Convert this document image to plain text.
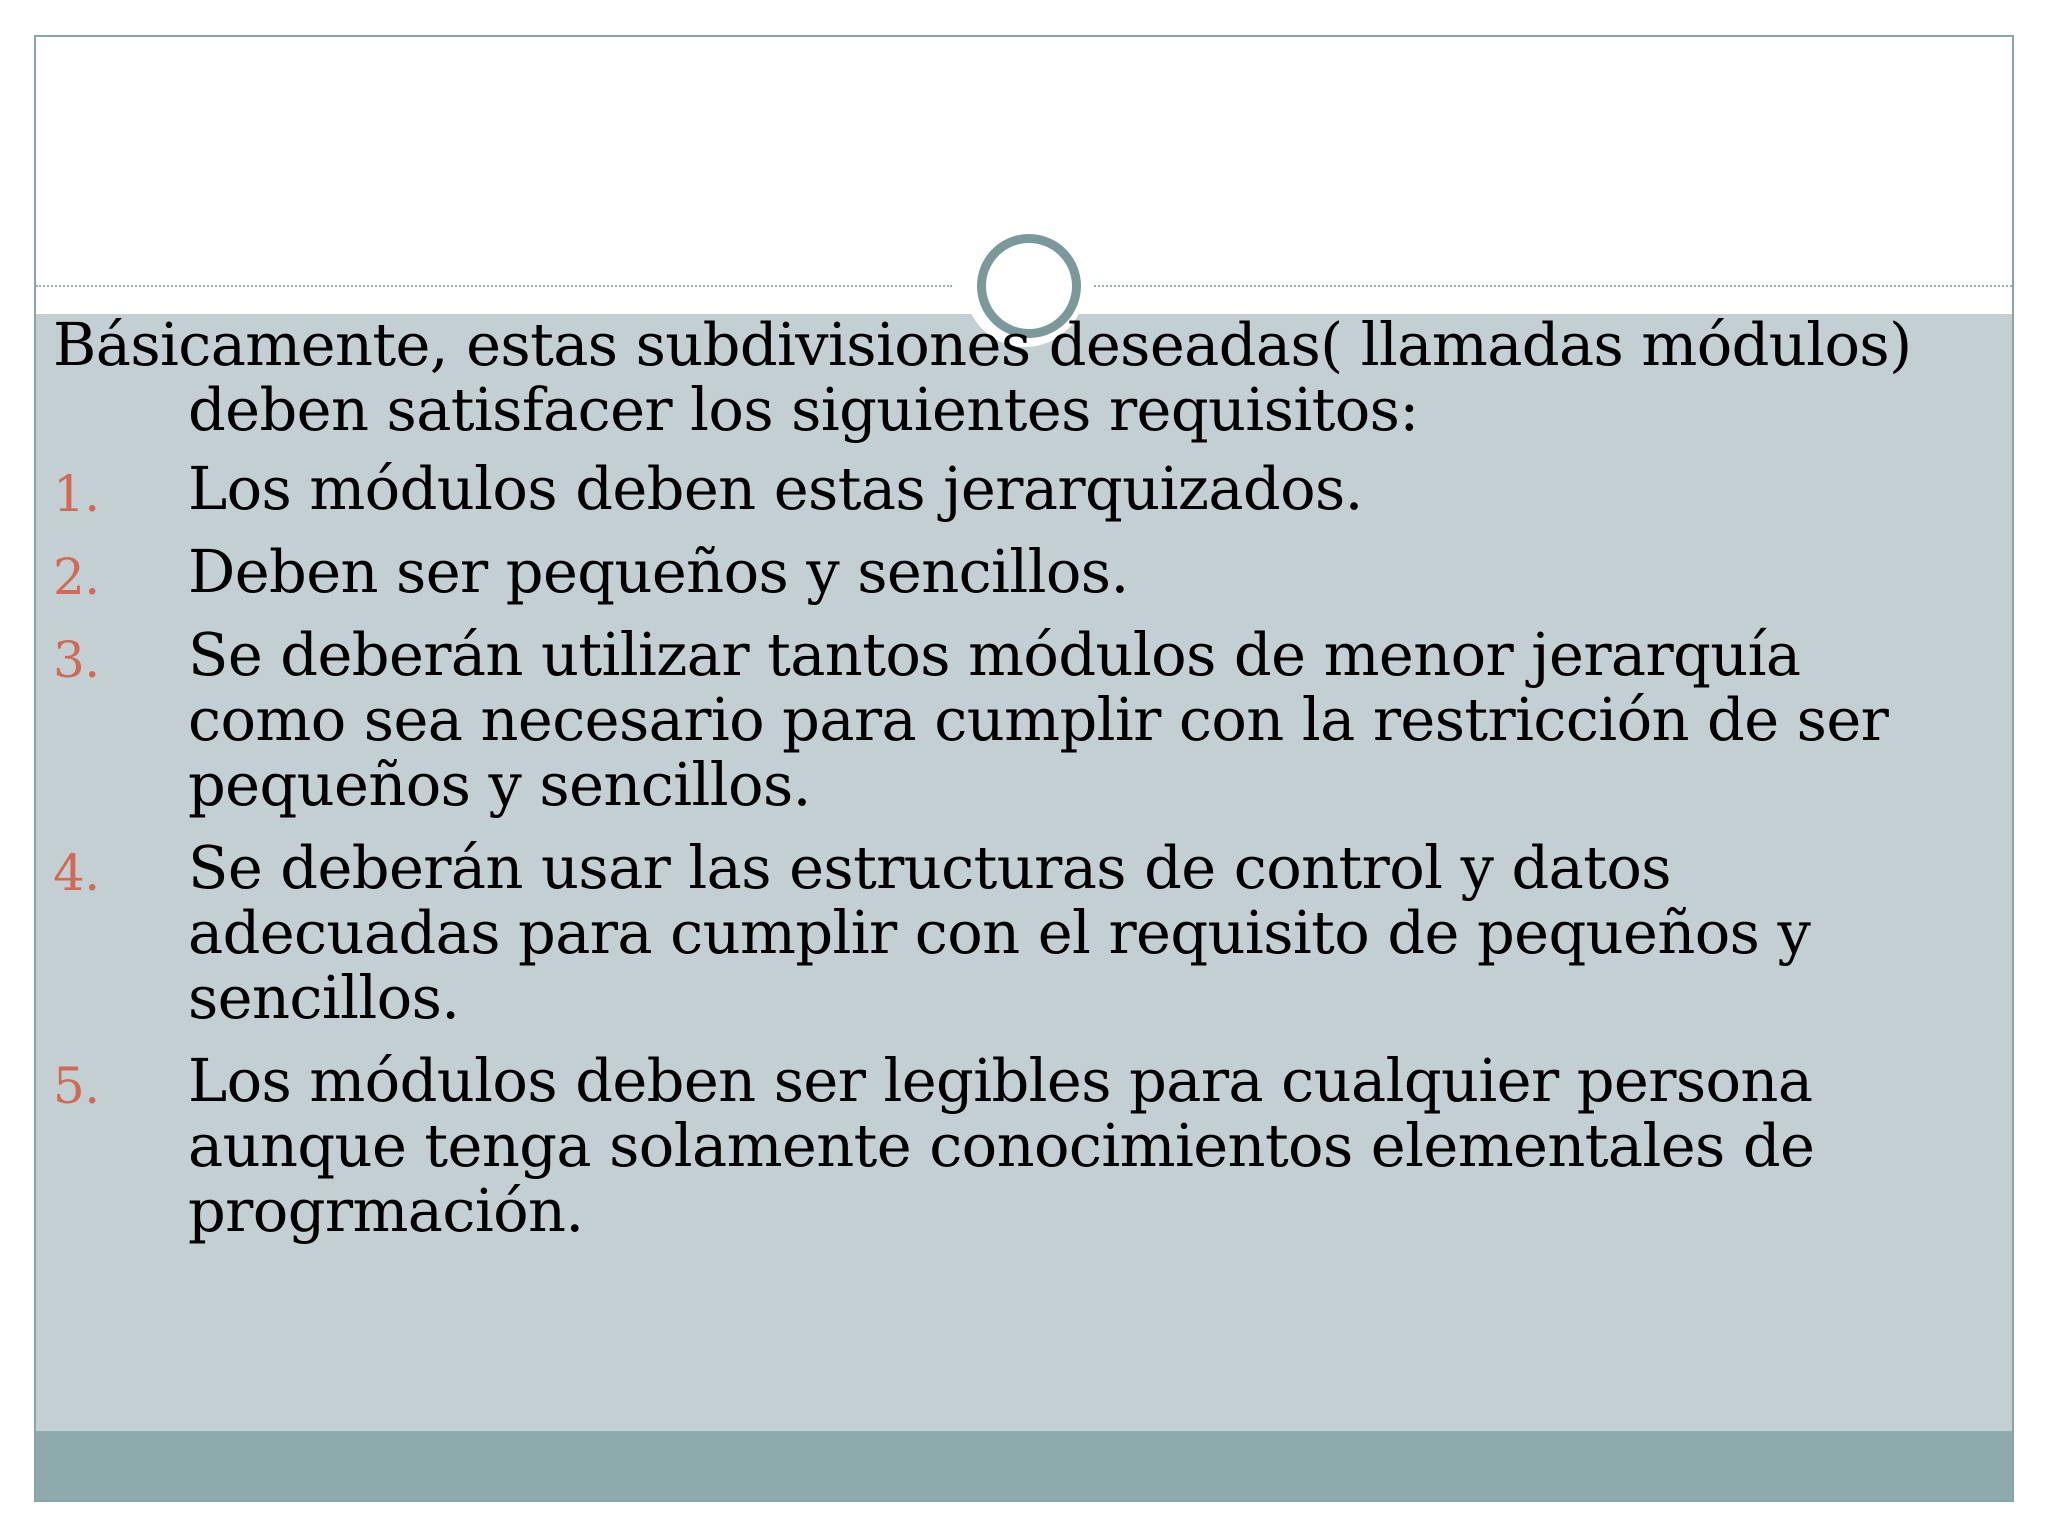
Básicamente, estas subdivisiones deseadas( llamadas módulos) deben satisfacer los siguientes requisitos:
1. Los módulos deben estas jerarquizados.
2. Deben ser pequeños y sencillos.
3. Se deberán utilizar tantos módulos de menor jerarquía como sea necesario para cumplir con la restricción de ser pequeños y sencillos.
4. Se deberán usar las estructuras de control y datos adecuadas para cumplir con el requisito de pequeños y sencillos.
5. Los módulos deben ser legibles para cualquier persona aunque tenga solamente conocimientos elementales de progrmación.
